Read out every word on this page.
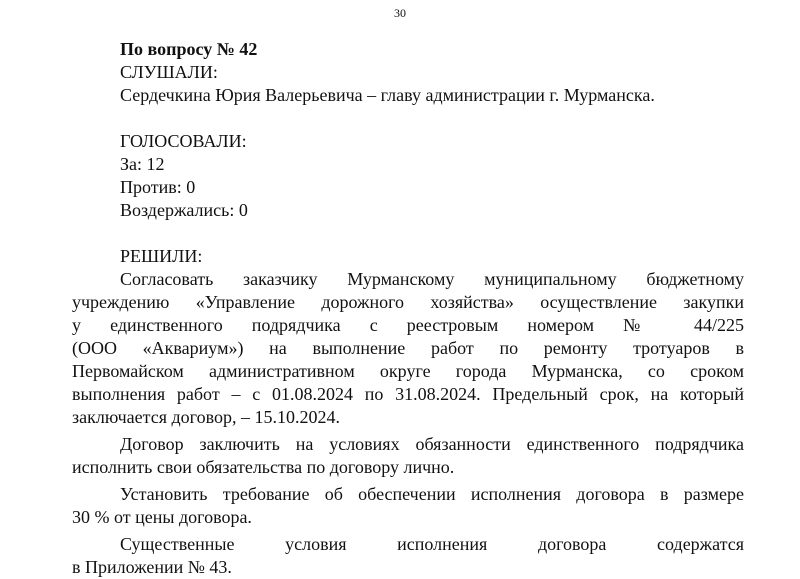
30
По вопросу № 42
СЛУШАЛИ:
Сердечкина Юрия Валерьевича – главу администрации г. Мурманска.
ГОЛОСОВАЛИ:
За: 12
Против: 0
Воздержались: 0
РЕШИЛИ:
Согласовать заказчику Мурманскому муниципальному бюджетному
учреждению «Управление дорожного хозяйства» осуществление закупки
у единственного подрядчика с реестровым номером № 44/225
(ООО «Аквариум») на выполнение работ по ремонту тротуаров в
Первомайском административном округе города Мурманска, со сроком
выполнения работ – с 01.08.2024 по 31.08.2024. Предельный срок, на который
заключается договор, – 15.10.2024.
Договор заключить на условиях обязанности единственного подрядчика
исполнить свои обязательства по договору лично.
Установить требование об обеспечении исполнения договора в размере
30 % от цены договора.
Существенные условия исполнения договора содержатся
в Приложении № 43.
